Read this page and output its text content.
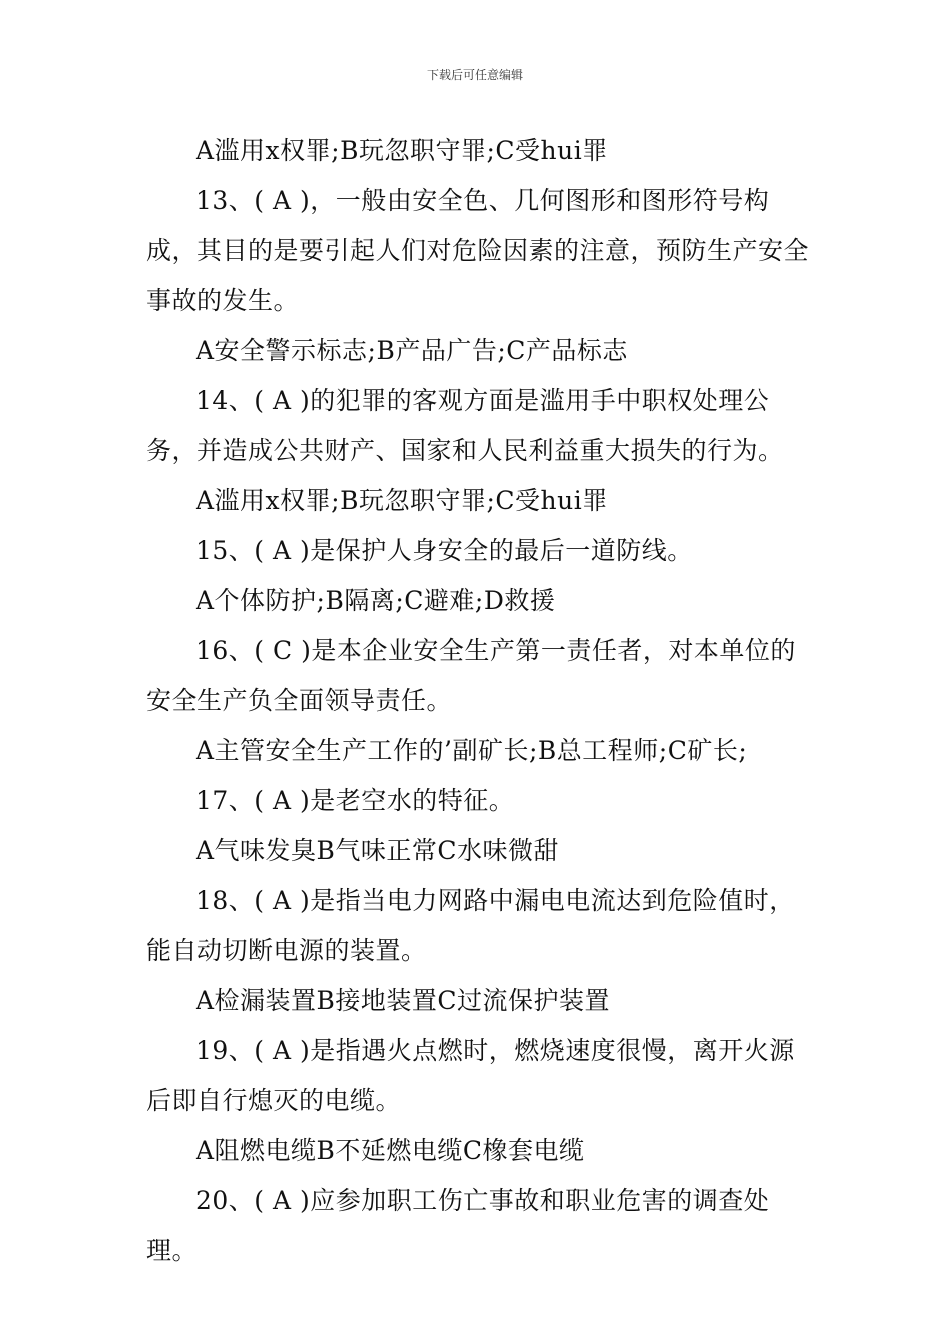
下载后可任意编辑

A滥用x权罪;B玩忽职守罪;C受hui罪

13、( A )，一般由安全色、几何图形和图形符号构成，其目的是要引起人们对危险因素的注意，预防生产安全事故的发生。

A安全警示标志;B产品广告;C产品标志

14、( A )的犯罪的客观方面是滥用手中职权处理公务，并造成公共财产、国家和人民利益重大损失的行为。

A滥用x权罪;B玩忽职守罪;C受hui罪

15、( A )是保护人身安全的最后一道防线。

A个体防护;B隔离;C避难;D救援

16、( C )是本企业安全生产第一责任者，对本单位的安全生产负全面领导责任。

A主管安全生产工作的’副矿长;B总工程师;C矿长;

17、( A )是老空水的特征。

A气味发臭B气味正常C水味微甜

18、( A )是指当电力网路中漏电电流达到危险值时，能自动切断电源的装置。

A检漏装置B接地装置C过流保护装置

19、( A )是指遇火点燃时，燃烧速度很慢，离开火源后即自行熄灭的电缆。

A阻燃电缆B不延燃电缆C橡套电缆

20、( A )应参加职工伤亡事故和职业危害的调查处理。
